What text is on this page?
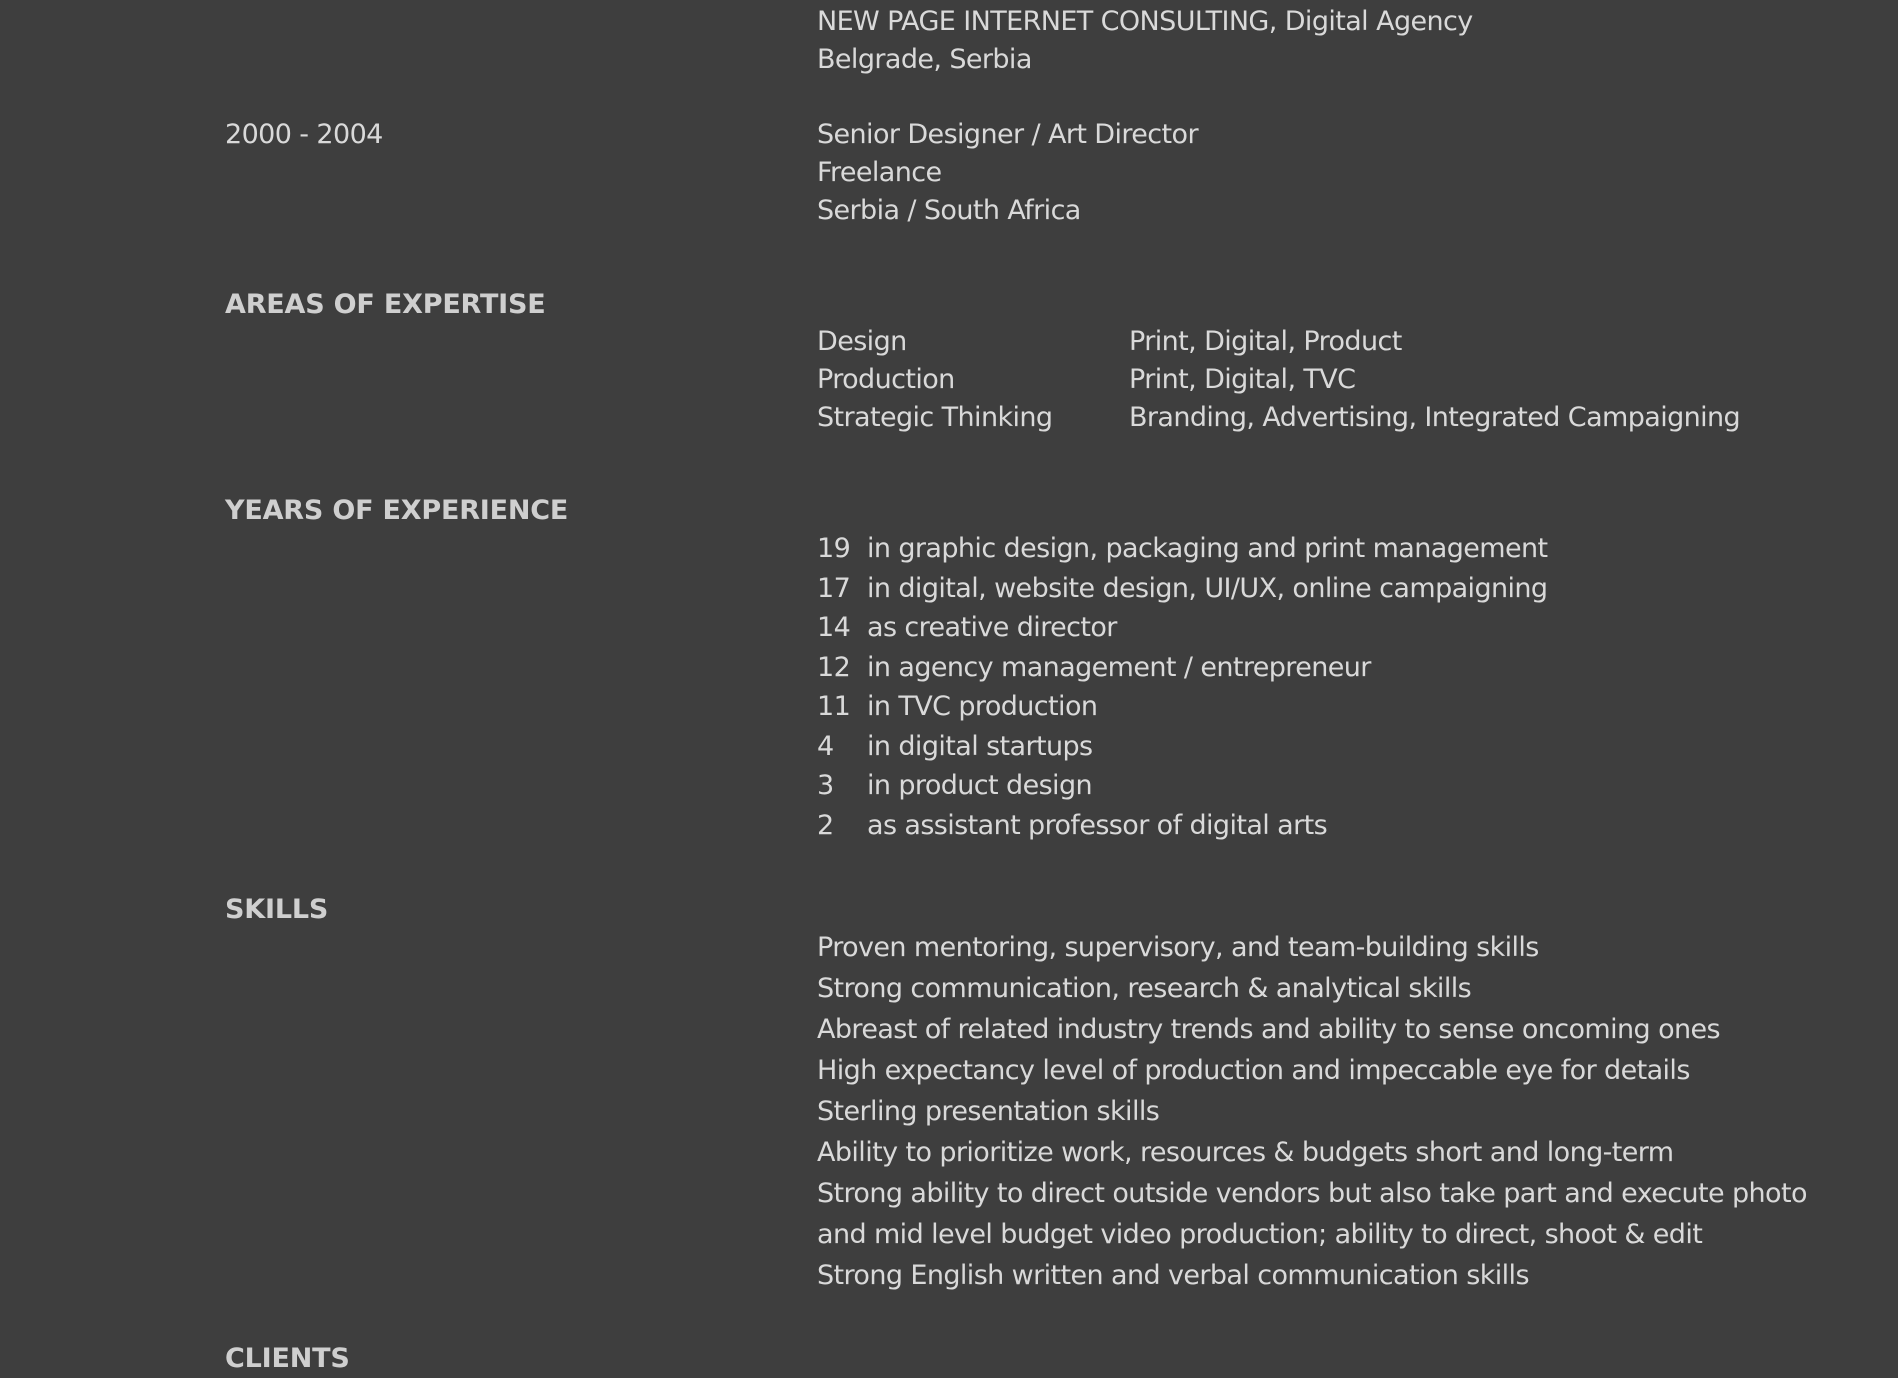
NEW PAGE INTERNET CONSULTING, Digital Agency
Belgrade, Serbia
2000 - 2004	Senior Designer / Art Director
Freelance
Serbia / South Africa
AREAS OF EXPERTISE
Design	Print, Digital, Product
Production	Print, Digital, TVC
Strategic Thinking	Branding, Advertising, Integrated Campaigning
YEARS OF EXPERIENCE
19 in graphic design, packaging and print management
17 in digital, website design, UI/UX, online campaigning
14 as creative director
12 in agency management / entrepreneur
11 in TVC production
4 in digital startups
3 in product design
2 as assistant professor of digital arts
SKILLS
Proven mentoring, supervisory, and team-building skills
Strong communication, research & analytical skills
Abreast of related industry trends and ability to sense oncoming ones
High expectancy level of production and impeccable eye for details
Sterling presentation skills
Ability to prioritize work, resources & budgets short and long-term
Strong ability to direct outside vendors but also take part and execute photo
and mid level budget video production; ability to direct, shoot & edit
Strong English written and verbal communication skills
CLIENTS
